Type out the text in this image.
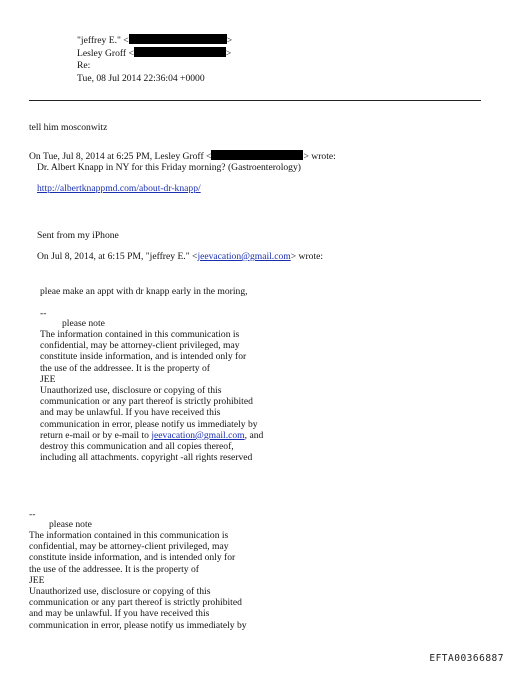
"jeffrey E." <	>
Lesley Groff <	>
Re:
Tue, 08 Jul 2014 22:36:04 +0000
tell him mosconwitz
On Tue, Jul 8, 2014 at 6:25 PM, Lesley Groff <	> wrote:
Dr. Albert Knapp in NY for this Friday morning? (Gastroenterology)
http://albertknappmd.com/about-dr-knapp/
Sent from my iPhone
On Jul 8, 2014, at 6:15 PM, "jeffrey E." <jeevacation@gmail.com> wrote:
pleae make an appt with dr knapp early in the moring,
--
please note
The information contained in this communication is
confidential, may be attorney-client privileged, may
constitute inside information, and is intended only for
the use of the addressee. It is the property of
JEE
Unauthorized use, disclosure or copying of this
communication or any part thereof is strictly prohibited
and may be unlawful. If you have received this
communication in error, please notify us immediately by
return e-mail or by e-mail to jeevacation@gmail.com, and
destroy this communication and all copies thereof,
including all attachments. copyright -all rights reserved
--
please note
The information contained in this communication is
confidential, may be attorney-client privileged, may
constitute inside information, and is intended only for
the use of the addressee. It is the property of
JEE
Unauthorized use, disclosure or copying of this
communication or any part thereof is strictly prohibited
and may be unlawful. If you have received this
communication in error, please notify us immediately by
EFTA00366887
